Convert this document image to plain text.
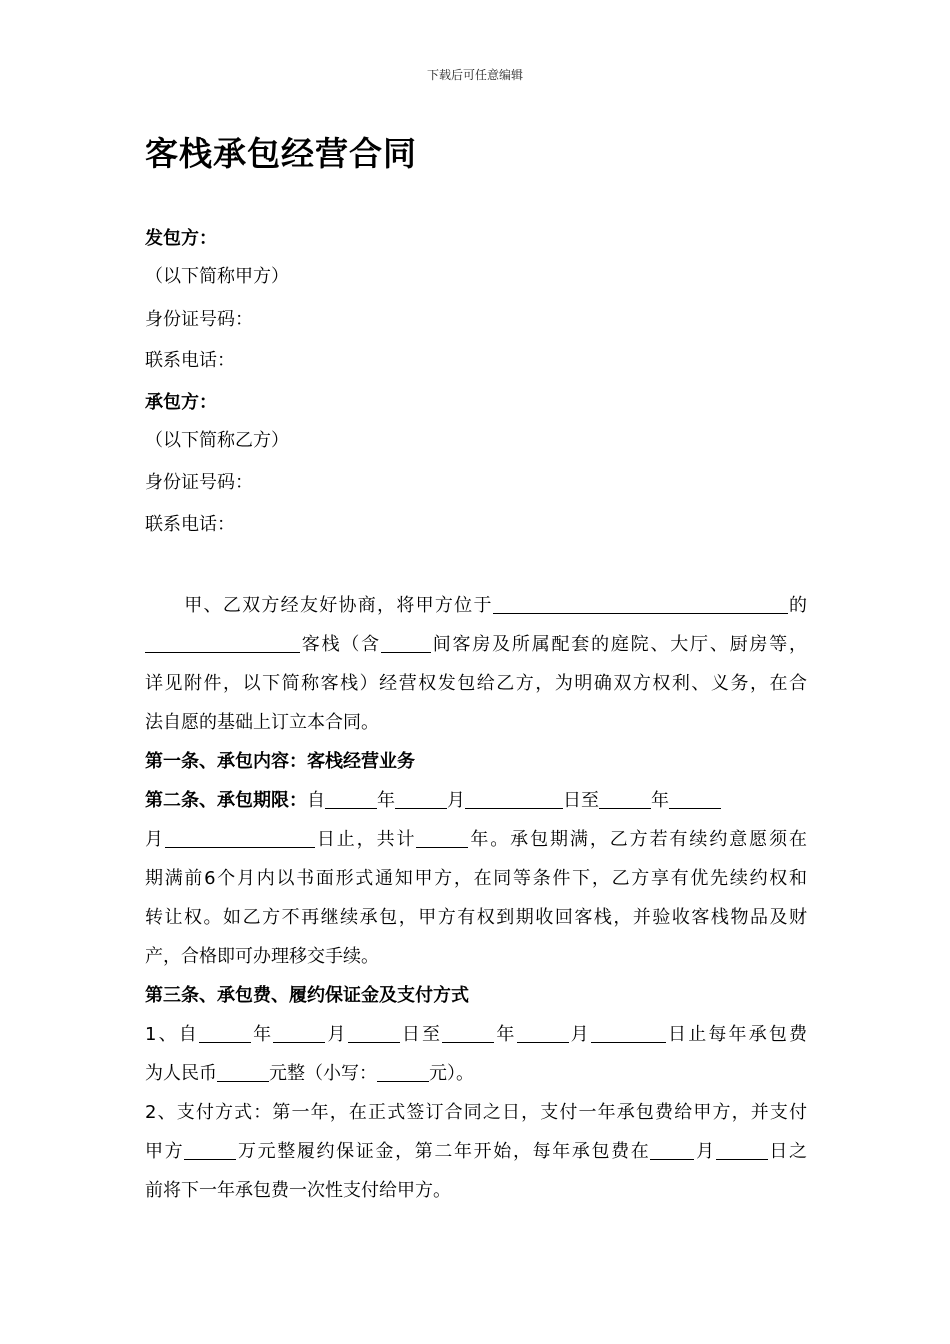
下载后可任意编辑
客栈承包经营合同
发包方：
（以下简称甲方）
身份证号码：
联系电话：
承包方：
（以下简称乙方）
身份证号码：
联系电话：
甲、乙双方经友好协商，将甲方位于	的
客栈（含	间客房及所属配套的庭院、大厅、厨房等，
详见附件，以下简称客栈）经营权发包给乙方，为明确双方权利、义务，在合
法自愿的基础上订立本合同。
第一条、承包内容：客栈经营业务
第二条、承包期限：自	年	月	日至	年
月	日止，共计	年。承包期满，乙方若有续约意愿须在
期满前6个月内以书面形式通知甲方，在同等条件下，乙方享有优先续约权和
转让权。如乙方不再继续承包，甲方有权到期收回客栈，并验收客栈物品及财
产，合格即可办理移交手续。
第三条、承包费、履约保证金及支付方式
1、自	年	月	日至	年	月	日止每年承包费
为人民币	元整（小写：	元）。
2、支付方式：第一年，在正式签订合同之日，支付一年承包费给甲方，并支付
甲方	万元整履约保证金，第二年开始，每年承包费在 月	日之
前将下一年承包费一次性支付给甲方。
